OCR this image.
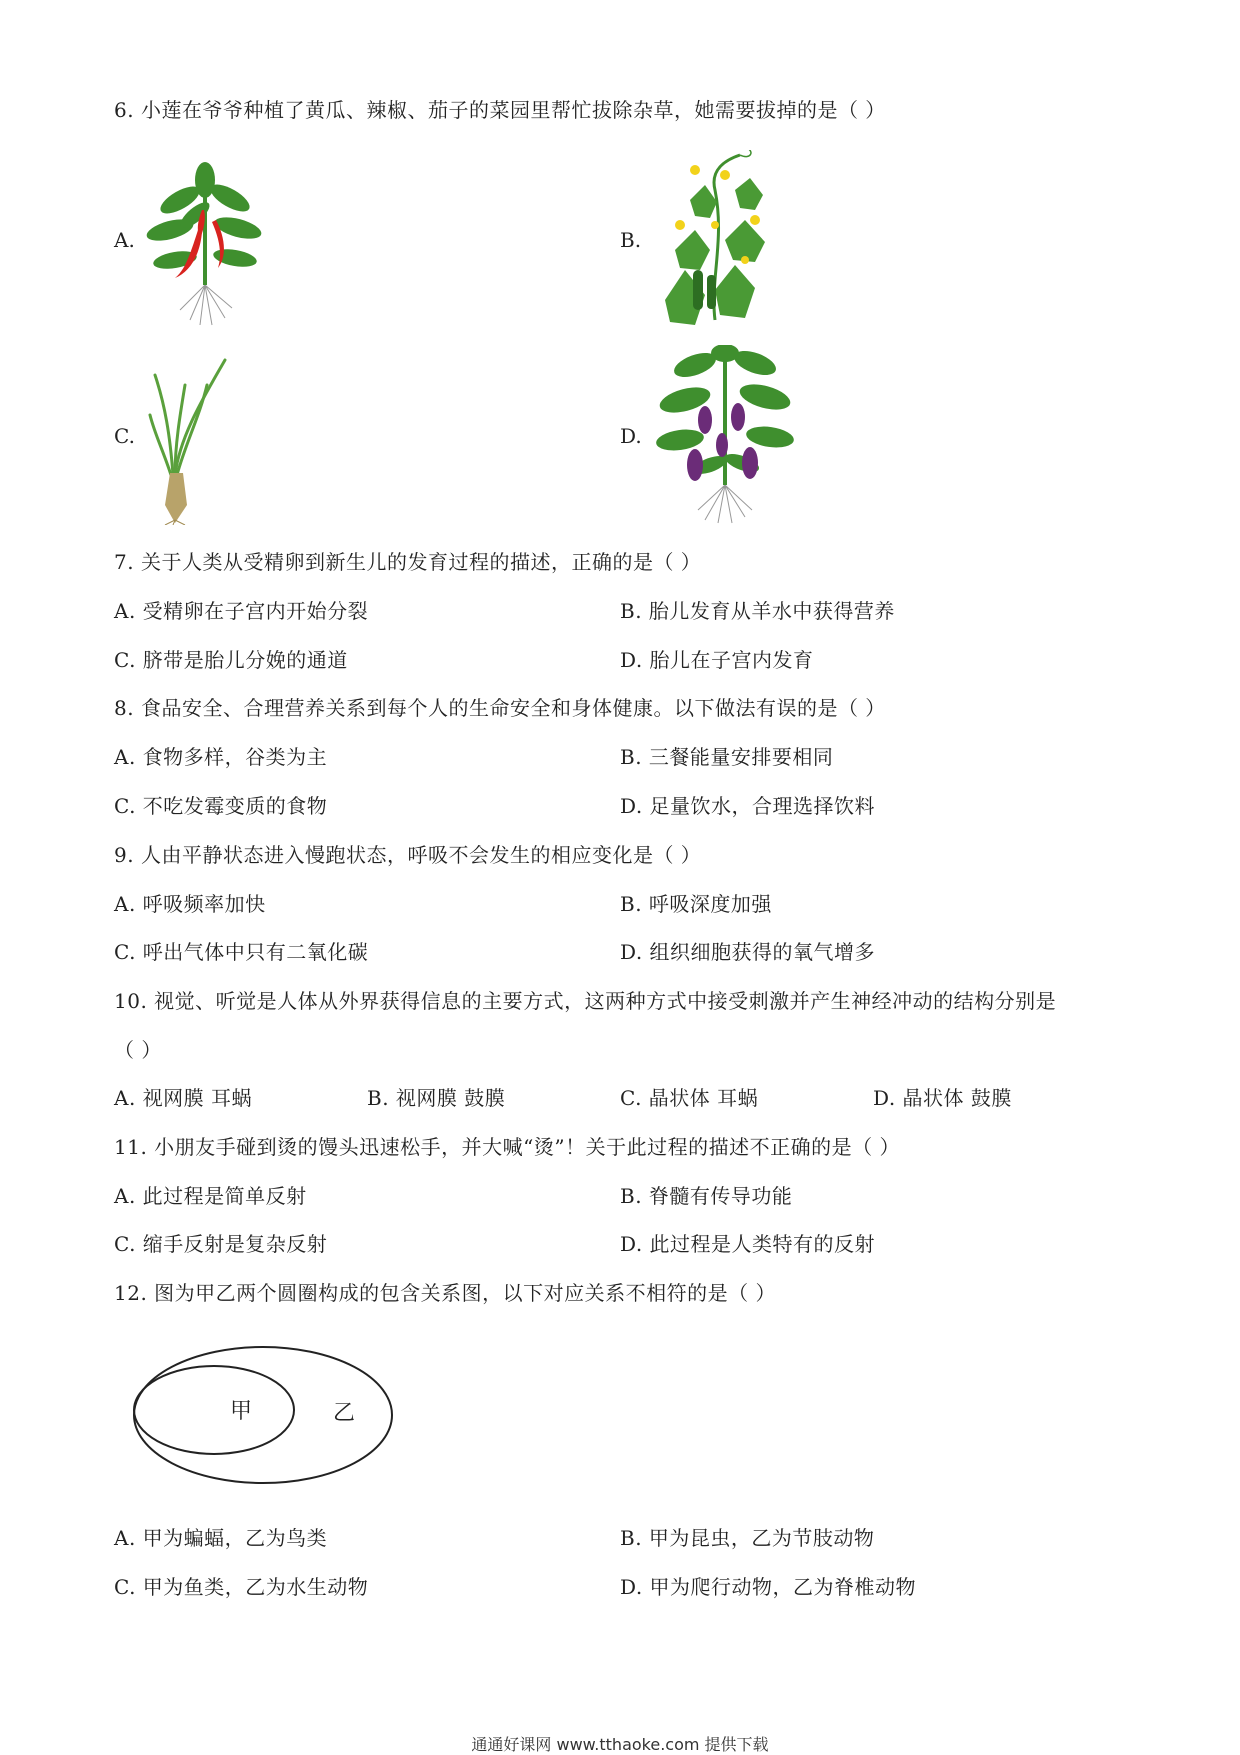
6. 小莲在爷爷种植了黄瓜、辣椒、茄子的菜园里帮忙拔除杂草，她需要拔掉的是（ ）
A.	B.
C.	D.
7. 关于人类从受精卵到新生儿的发育过程的描述，正确的是（ ）
A. 受精卵在子宫内开始分裂	B. 胎儿发育从羊水中获得营养
C. 脐带是胎儿分娩的通道	D. 胎儿在子宫内发育
8. 食品安全、合理营养关系到每个人的生命安全和身体健康。以下做法有误的是（ ）
A. 食物多样，谷类为主	B. 三餐能量安排要相同
C. 不吃发霉变质的食物	D. 足量饮水，合理选择饮料
9. 人由平静状态进入慢跑状态，呼吸不会发生的相应变化是（ ）
A. 呼吸频率加快	B. 呼吸深度加强
C. 呼出气体中只有二氧化碳	D. 组织细胞获得的氧气增多
10. 视觉、听觉是人体从外界获得信息的主要方式，这两种方式中接受刺激并产生神经冲动的结构分别是
（ ）
A. 视网膜 耳蜗	B. 视网膜 鼓膜	C. 晶状体 耳蜗	D. 晶状体 鼓膜
11. 小朋友手碰到烫的馒头迅速松手，并大喊“烫”！关于此过程的描述不正确的是（ ）
A. 此过程是简单反射	B. 脊髓有传导功能
C. 缩手反射是复杂反射	D. 此过程是人类特有的反射
12. 图为甲乙两个圆圈构成的包含关系图，以下对应关系不相符的是（ ）
甲	乙
A. 甲为蝙蝠，乙为鸟类	B. 甲为昆虫，乙为节肢动物
C. 甲为鱼类，乙为水生动物	D. 甲为爬行动物，乙为脊椎动物
通通好课网 www.tthaoke.com 提供下载
